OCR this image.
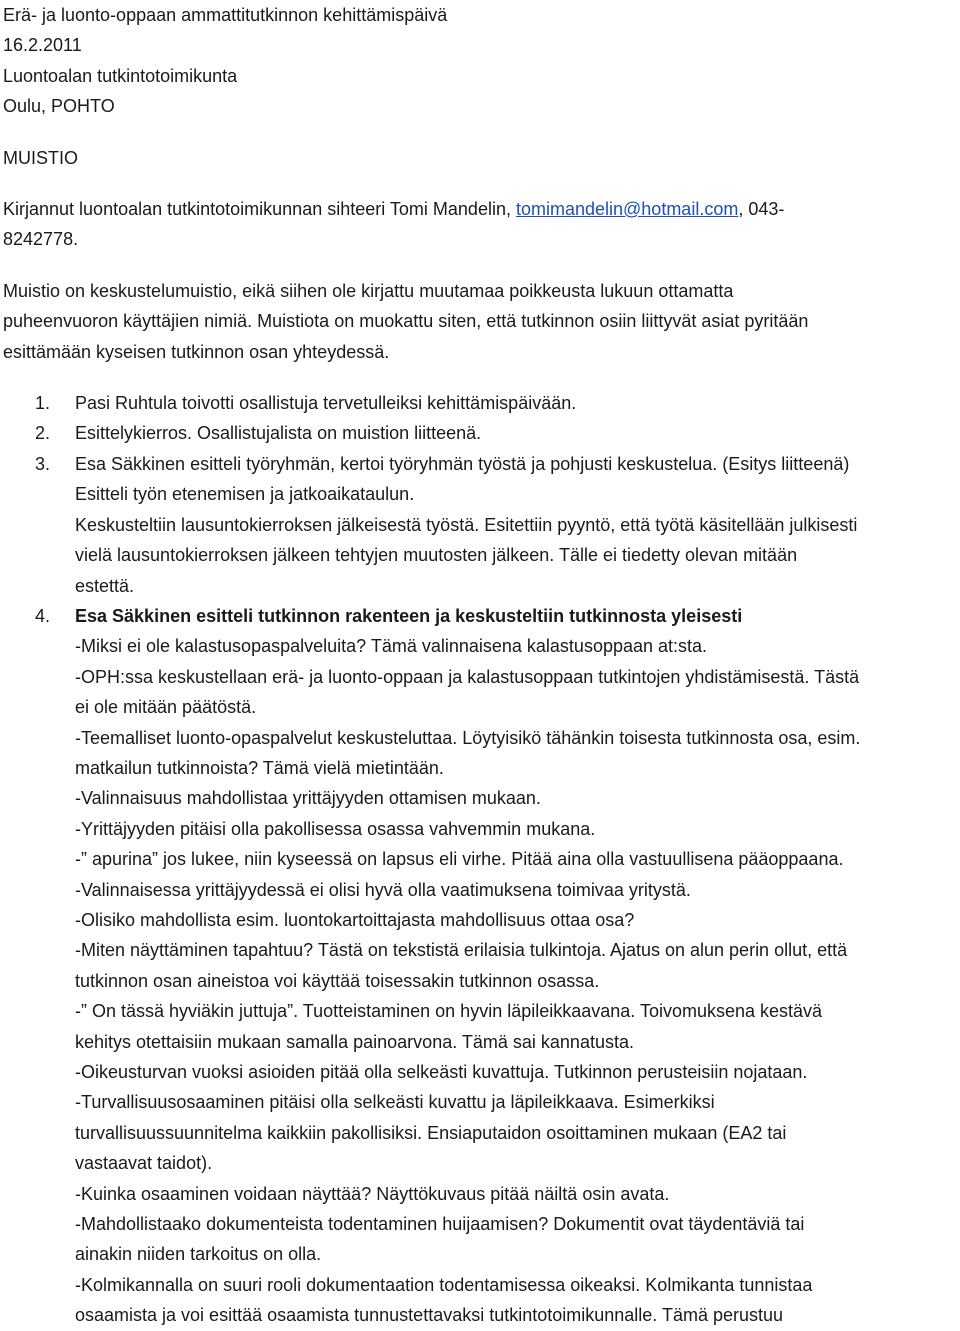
Erä- ja luonto-oppaan ammattitutkinnon kehittämispäivä
16.2.2011
Luontoalan tutkintotoimikunta
Oulu, POHTO
MUISTIO
Kirjannut luontoalan tutkintotoimikunnan sihteeri Tomi Mandelin, tomimandelin@hotmail.com, 043-
8242778.
Muistio on keskustelumuistio, eikä siihen ole kirjattu muutamaa poikkeusta lukuun ottamatta
puheenvuoron käyttäjien nimiä. Muistiota on muokattu siten, että tutkinnon osiin liittyvät asiat pyritään
esittämään kyseisen tutkinnon osan yhteydessä.
1. Pasi Ruhtula toivotti osallistuja tervetulleiksi kehittämispäivään.
2. Esittelykierros. Osallistujalista on muistion liitteenä.
3. Esa Säkkinen esitteli työryhmän, kertoi työryhmän työstä ja pohjusti keskustelua. (Esitys liitteenä)
Esitteli työn etenemisen ja jatkoaikataulun.
Keskusteltiin lausuntokierroksen jälkeisestä työstä. Esitettiin pyyntö, että työtä käsitellään julkisesti
vielä lausuntokierroksen jälkeen tehtyjen muutosten jälkeen. Tälle ei tiedetty olevan mitään
estettä.
4. Esa Säkkinen esitteli tutkinnon rakenteen ja keskusteltiin tutkinnosta yleisesti
-Miksi ei ole kalastusopaspalveluita? Tämä valinnaisena kalastusoppaan at:sta.
-OPH:ssa keskustellaan erä- ja luonto-oppaan ja kalastusoppaan tutkintojen yhdistämisestä. Tästä
ei ole mitään päätöstä.
-Teemalliset luonto-opaspalvelut keskusteluttaa. Löytyisikö tähänkin toisesta tutkinnosta osa, esim.
matkailun tutkinnoista? Tämä vielä mietintään.
-Valinnaisuus mahdollistaa yrittäjyyden ottamisen mukaan.
-Yrittäjyyden pitäisi olla pakollisessa osassa vahvemmin mukana.
-” apurina” jos lukee, niin kyseessä on lapsus eli virhe. Pitää aina olla vastuullisena pääoppaana.
-Valinnaisessa yrittäjyydessä ei olisi hyvä olla vaatimuksena toimivaa yritystä.
-Olisiko mahdollista esim. luontokartoittajasta mahdollisuus ottaa osa?
-Miten näyttäminen tapahtuu? Tästä on tekstistä erilaisia tulkintoja. Ajatus on alun perin ollut, että
tutkinnon osan aineistoa voi käyttää toisessakin tutkinnon osassa.
-” On tässä hyviäkin juttuja”. Tuotteistaminen on hyvin läpileikkaavana. Toivomuksena kestävä
kehitys otettaisiin mukaan samalla painoarvona. Tämä sai kannatusta.
-Oikeusturvan vuoksi asioiden pitää olla selkeästi kuvattuja. Tutkinnon perusteisiin nojataan.
-Turvallisuusosaaminen pitäisi olla selkeästi kuvattu ja läpileikkaava. Esimerkiksi
turvallisuussuunnitelma kaikkiin pakollisiksi. Ensiaputaidon osoittaminen mukaan (EA2 tai
vastaavat taidot).
-Kuinka osaaminen voidaan näyttää? Näyttökuvaus pitää näiltä osin avata.
-Mahdollistaako dokumenteista todentaminen huijaamisen? Dokumentit ovat täydentäviä tai
ainakin niiden tarkoitus on olla.
-Kolmikannalla on suuri rooli dokumentaation todentamisessa oikeaksi. Kolmikanta tunnistaa
osaamista ja voi esittää osaamista tunnustettavaksi tutkintotoimikunnalle. Tämä perustuu
